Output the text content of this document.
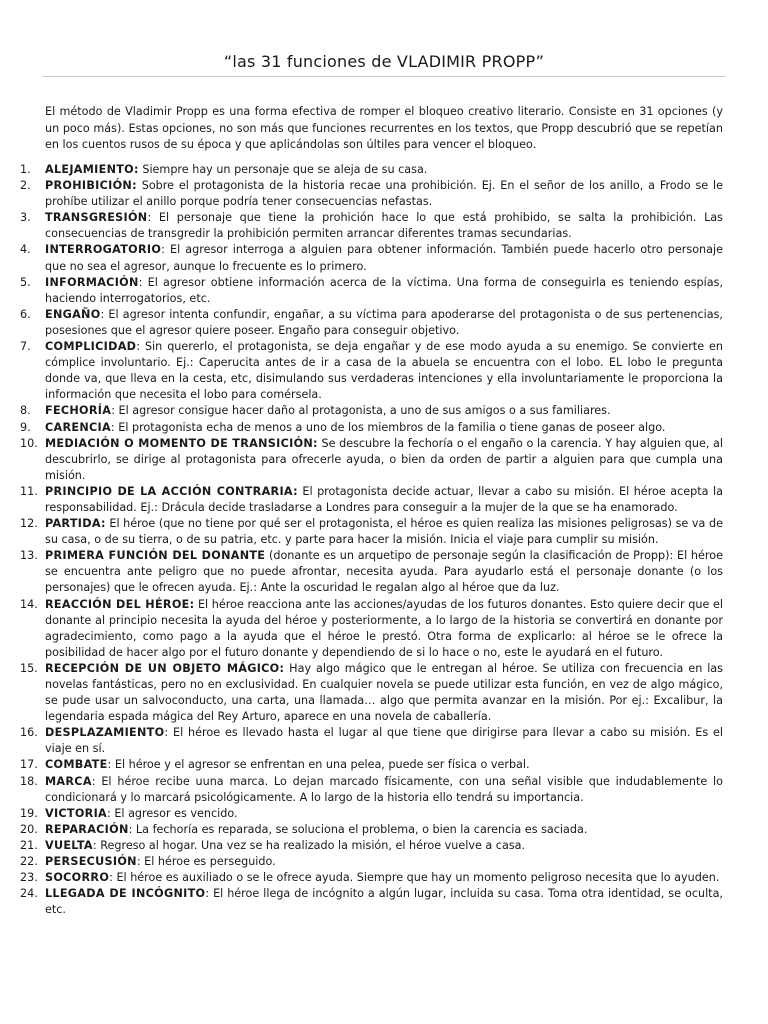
“las 31 funciones de VLADIMIR PROPP”

El método de Vladimir Propp es una forma efectiva de romper el bloqueo creativo literario. Consiste en 31 opciones (y un poco más). Estas opciones, no son más que funciones recurrentes en los textos, que Propp descubrió que se repetían en los cuentos rusos de su época y que aplicándolas son últiles para vencer el bloqueo.

1.	ALEJAMIENTO: Siempre hay un personaje que se aleja de su casa.
2.	PROHIBICIÓN: Sobre el protagonista de la historia recae una prohibición. Ej. En el señor de los anillo, a Frodo se le prohíbe utilizar el anillo porque podría tener consecuencias nefastas.
3.	TRANSGRESIÓN: El personaje que tiene la prohición hace lo que está prohibido, se salta la prohibición. Las consecuencias de transgredir la prohibición permiten arrancar diferentes tramas secundarias.
4.	INTERROGATORIO: El agresor interroga a alguien para obtener información. También puede hacerlo otro personaje que no sea el agresor, aunque lo frecuente es lo primero.
5.	INFORMACIÓN: El agresor obtiene información acerca de la víctima. Una forma de conseguirla es teniendo espías, haciendo interrogatorios, etc.
6.	ENGAÑO: El agresor intenta confundir, engañar, a su víctima para apoderarse del protagonista o de sus pertenencias, posesiones que el agresor quiere poseer. Engaño para conseguir objetivo.
7.	COMPLICIDAD: Sin quererlo, el protagonista, se deja engañar y de ese modo ayuda a su enemigo. Se convierte en cómplice involuntario. Ej.: Caperucita antes de ir a casa de la abuela se encuentra con el lobo. EL lobo le pregunta donde va, que lleva en la cesta, etc, disimulando sus verdaderas intenciones y ella involuntariamente le proporciona la información que necesita el lobo para comérsela.
8.	FECHORÍA: El agresor consigue hacer daño al protagonista, a uno de sus amigos o a sus familiares.
9.	CARENCIA: El protagonista echa de menos a uno de los miembros de la familia o tiene ganas de poseer algo.
10. MEDIACIÓN O MOMENTO DE TRANSICIÓN: Se descubre la fechoría o el engaño o la carencia. Y hay alguien que, al descubrirlo, se dirige al protagonista para ofrecerle ayuda, o bien da orden de partir a alguien para que cumpla una misión.
11. PRINCIPIO DE LA ACCIÓN CONTRARIA: El protagonista decide actuar, llevar a cabo su misión. El héroe acepta la responsabilidad. Ej.: Drácula decide trasladarse a Londres para conseguir a la mujer de la que se ha enamorado.
12. PARTIDA: El héroe (que no tiene por qué ser el protagonista, el héroe es quien realiza las misiones peligrosas) se va de su casa, o de su tierra, o de su patria, etc. y parte para hacer la misión. Inicia el viaje para cumplir su misión.
13. PRIMERA FUNCIÓN DEL DONANTE (donante es un arquetipo de personaje según la clasificación de Propp): El héroe se encuentra ante peligro que no puede afrontar, necesita ayuda. Para ayudarlo está el personaje donante (o los personajes) que le ofrecen ayuda. Ej.: Ante la oscuridad le regalan algo al héroe que da luz.
14. REACCIÓN DEL HÉROE: El héroe reacciona ante las acciones/ayudas de los futuros donantes. Esto quiere decir que el donante al principio necesita la ayuda del héroe y posteriormente, a lo largo de la historia se convertirá en donante por agradecimiento, como pago a la ayuda que el héroe le prestó. Otra forma de explicarlo: al héroe se le ofrece la posibilidad de hacer algo por el futuro donante y dependiendo de si lo hace o no, este le ayudará en el futuro.
15. RECEPCIÓN DE UN OBJETO MÁGICO: Hay algo mágico que le entregan al héroe. Se utiliza con frecuencia en las novelas fantásticas, pero no en exclusividad. En cualquier novela se puede utilizar esta función, en vez de algo mágico, se pude usar un salvoconducto, una carta, una llamada… algo que permita avanzar en la misión. Por ej.: Excalibur, la legendaria espada mágica del Rey Arturo, aparece en una novela de caballería.
16. DESPLAZAMIENTO: El héroe es llevado hasta el lugar al que tiene que dirigirse para llevar a cabo su misión. Es el viaje en sí.
17. COMBATE: El héroe y el agresor se enfrentan en una pelea, puede ser física o verbal.
18. MARCA: El héroe recibe uuna marca. Lo dejan marcado físicamente, con una señal visible que indudablemente lo condicionará y lo marcará psicológicamente. A lo largo de la historia ello tendrá su importancia.
19. VICTORIA: El agresor es vencido.
20. REPARACIÓN: La fechoría es reparada, se soluciona el problema, o bien la carencia es saciada.
21. VUELTA: Regreso al hogar. Una vez se ha realizado la misión, el héroe vuelve a casa.
22. PERSECUSIÓN: El héroe es perseguido.
23. SOCORRO: El héroe es auxiliado o se le ofrece ayuda. Siempre que hay un momento peligroso necesita que lo ayuden.
24. LLEGADA DE INCÓGNITO: El héroe llega de incógnito a algún lugar, incluida su casa. Toma otra identidad, se oculta, etc.
